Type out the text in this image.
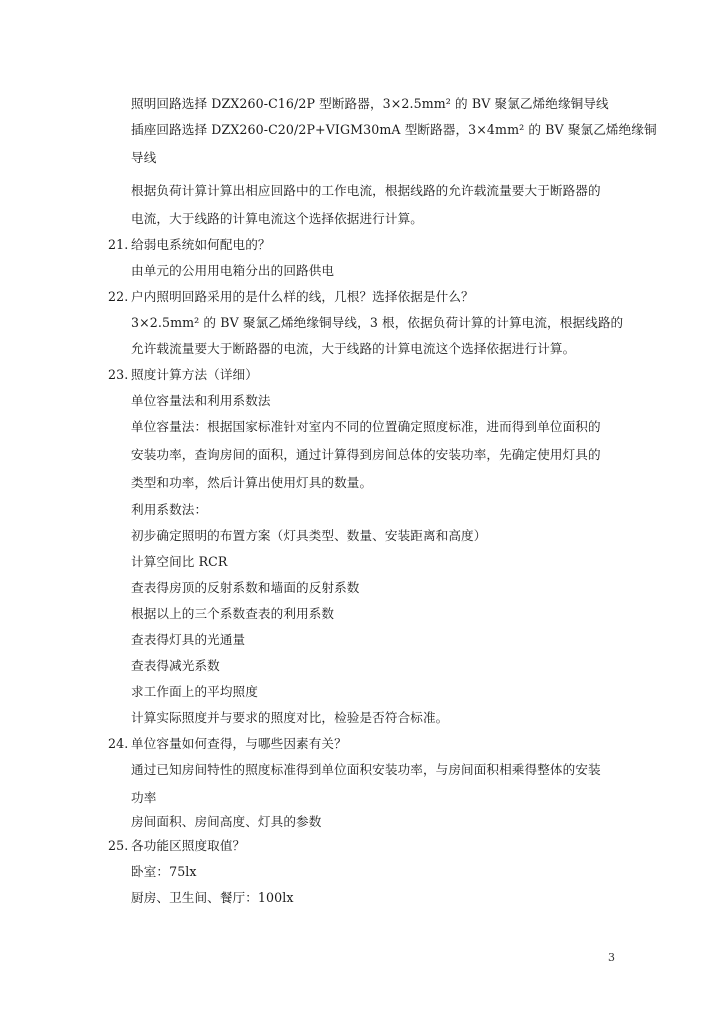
照明回路选择 DZX260-C16/2P 型断路器，3×2.5mm² 的 BV 聚氯乙烯绝缘铜导线
插座回路选择 DZX260-C20/2P+VIGM30mA 型断路器，3×4mm² 的 BV 聚氯乙烯绝缘铜
导线
根据负荷计算计算出相应回路中的工作电流，根据线路的允许载流量要大于断路器的
电流，大于线路的计算电流这个选择依据进行计算。
21. 给弱电系统如何配电的？
由单元的公用用电箱分出的回路供电
22. 户内照明回路采用的是什么样的线，几根？选择依据是什么？
3×2.5mm² 的 BV 聚氯乙烯绝缘铜导线，3 根，依据负荷计算的计算电流，根据线路的
允许载流量要大于断路器的电流，大于线路的计算电流这个选择依据进行计算。
23. 照度计算方法（详细）
单位容量法和利用系数法
单位容量法：根据国家标准针对室内不同的位置确定照度标准，进而得到单位面积的
安装功率，查询房间的面积，通过计算得到房间总体的安装功率，先确定使用灯具的
类型和功率，然后计算出使用灯具的数量。
利用系数法：
初步确定照明的布置方案（灯具类型、数量、安装距离和高度）
计算空间比 RCR
查表得房顶的反射系数和墙面的反射系数
根据以上的三个系数查表的利用系数
查表得灯具的光通量
查表得减光系数
求工作面上的平均照度
计算实际照度并与要求的照度对比，检验是否符合标准。
24. 单位容量如何查得，与哪些因素有关？
通过已知房间特性的照度标准得到单位面积安装功率，与房间面积相乘得整体的安装
功率
房间面积、房间高度、灯具的参数
25. 各功能区照度取值？
卧室：75lx
厨房、卫生间、餐厅：100lx
3
